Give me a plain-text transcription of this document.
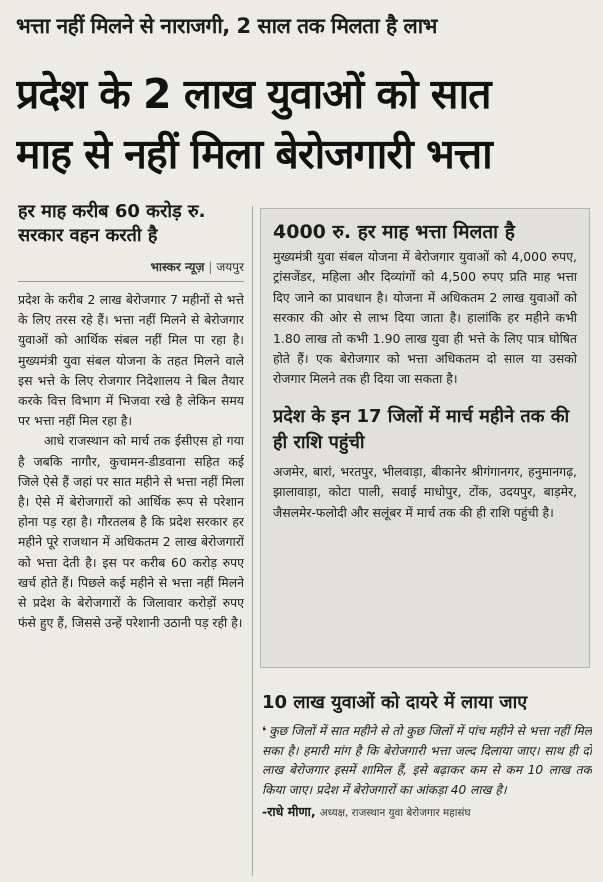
भत्ता नहीं मिलने से नाराजगी, 2 साल तक मिलता है लाभ
प्रदेश के 2 लाख युवाओं को सात
माह से नहीं मिला बेरोजगारी भत्ता
हर माह करीब 60 करोड़ रु. सरकार वहन करती है
भास्कर न्यूज़ | जयपुर

प्रदेश के करीब 2 लाख बेरोजगार 7 महीनों से भत्ते के लिए तरस रहे हैं। भत्ता नहीं मिलने से बेरोजगार युवाओं को आर्थिक संबल नहीं मिल पा रहा है। मुख्यमंत्री युवा संबल योजना के तहत मिलने वाले इस भत्ते के लिए रोजगार निदेशालय ने बिल तैयार करके वित्त विभाग में भिजवा रखे है लेकिन समय पर भत्ता नहीं मिल रहा है।

आधे राजस्थान को मार्च तक ईसीएस हो गया है जबकि नागौर, कुचामन-डीडवाना सहित कई जिले ऐसे हैं जहां पर सात महीने से भत्ता नहीं मिला है। ऐसे में बेरोजगारों को आर्थिक रूप से परेशान होना पड़ रहा है। गौरतलब है कि प्रदेश सरकार हर महीने पूरे राजथान में अधिकतम 2 लाख बेरोजगारों को भत्ता देती है। इस पर करीब 60 करोड़ रुपए खर्च होते हैं। पिछले कई महीने से भत्ता नहीं मिलने से प्रदेश के बेरोजगारों के जिलावार करोड़ों रुपए फंसे हुए हैं, जिससे उन्हें परेशानी उठानी पड़ रही है।

4000 रु. हर माह भत्ता मिलता है

मुख्यमंत्री युवा संबल योजना में बेरोजगार युवाओं को 4,000 रुपए, ट्रांसजेंडर, महिला और दिव्यांगों को 4,500 रुपए प्रति माह भत्ता दिए जाने का प्रावधान है। योजना में अधिकतम 2 लाख युवाओं को सरकार की ओर से लाभ दिया जाता है। हालांकि हर महीने कभी 1.80 लाख तो कभी 1.90 लाख युवा ही भत्ते के लिए पात्र घोषित होते हैं। एक बेरोजगार को भत्ता अधिकतम दो साल या उसको रोजगार मिलने तक ही दिया जा सकता है।

प्रदेश के इन 17 जिलों में मार्च महीने तक की ही राशि पहुंची

अजमेर, बारां, भरतपुर, भीलवाड़ा, बीकानेर श्रीगंगानगर, हनुमानगढ़, झालावाड़ा, कोटा पाली, सवाई माधोपुर, टोंक, उदयपुर, बाड़मेर, जैसलमेर-फलोदी और सलूंबर में मार्च तक की ही राशि पहुंची है।

10 लाख युवाओं को दायरे में लाया जाए

❛ कुछ जिलों में सात महीने से तो कुछ जिलों में पांच महीने से भत्ता नहीं मिल सका है। हमारी मांग है कि बेरोजगारी भत्ता जल्द दिलाया जाए। साथ ही दो लाख बेरोजगार इसमें शामिल हैं, इसे बढ़ाकर कम से कम 10 लाख तक किया जाए। प्रदेश में बेरोजगारों का आंकड़ा 40 लाख है।

-राधे मीणा, अध्यक्ष, राजस्थान युवा बेरोजगार महासंघ
